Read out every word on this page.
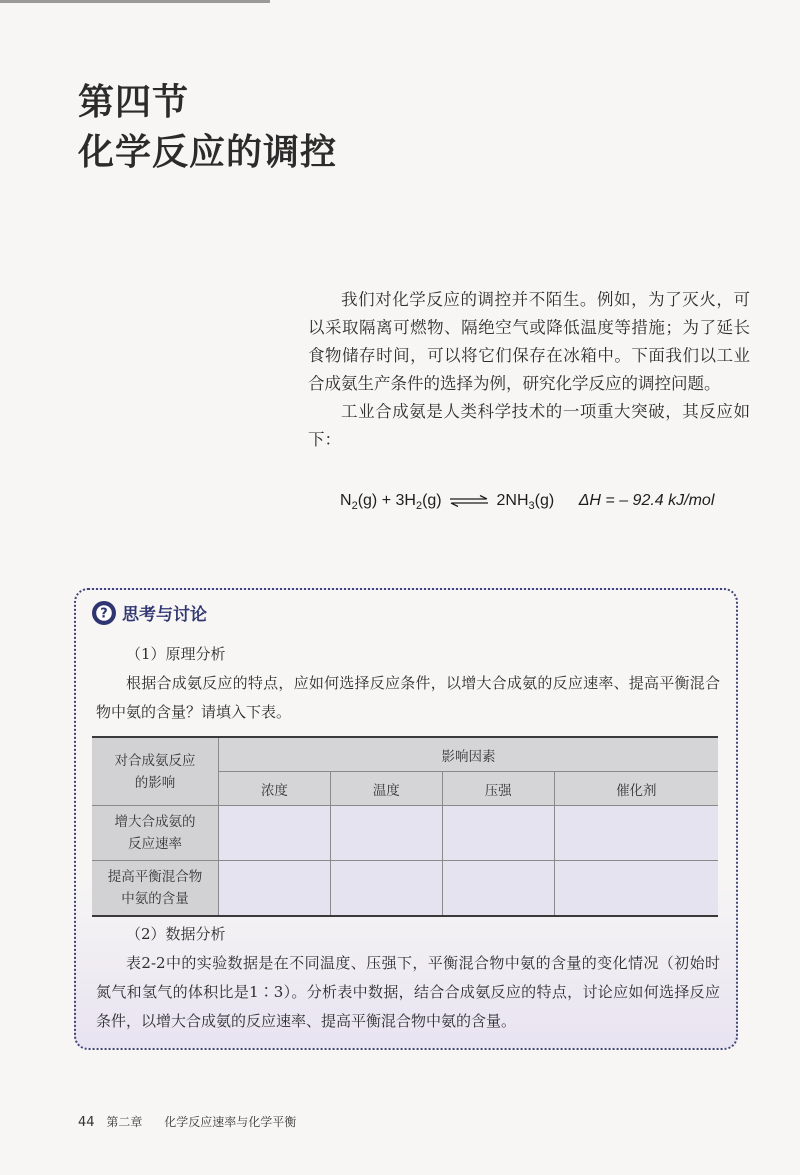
第四节
化学反应的调控

我们对化学反应的调控并不陌生。例如，为了灭火，可以采取隔离可燃物、隔绝空气或降低温度等措施；为了延长食物储存时间，可以将它们保存在冰箱中。下面我们以工业合成氨生产条件的选择为例，研究化学反应的调控问题。

工业合成氨是人类科学技术的一项重大突破，其反应如下：

$N_2(g) + 3H_2(g)$ ⇌ $2NH_3(g) \Delta H$ = – 92.4 kJ/mol
? 思考与讨论

（1）原理分析

根据合成氨反应的特点，应如何选择反应条件，以增大合成氨的反应速率、提高平衡混合物中氨的含量？请填入下表。

对合成氨反应
的影响	影响因素			
	浓度	温度	压强	催化剂

增大合成氨的
反应速率				

提高平衡混合物
中氨的含量				

（2）数据分析

表2-2中的实验数据是在不同温度、压强下，平衡混合物中氨的含量的变化情况（初始时氮气和氢气的体积比是1∶3）。分析表中数据，结合合成氨反应的特点，讨论应如何选择反应条件，以增大合成氨的反应速率、提高平衡混合物中氨的含量。

44 第二章 化学反应速率与化学平衡
